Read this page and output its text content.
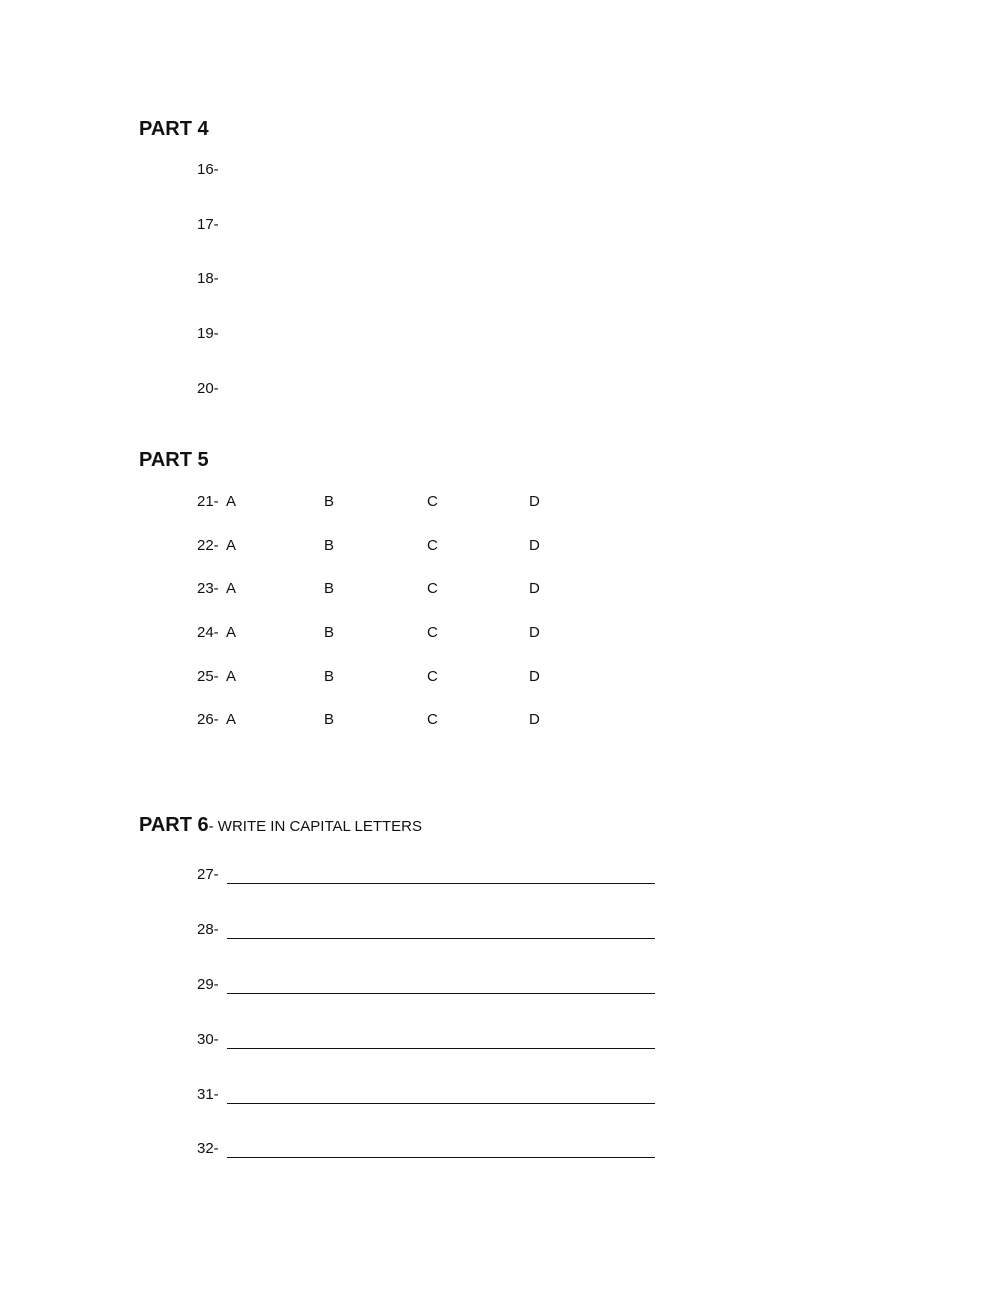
PART 4
16-
17-
18-
19-
20-
PART 5
21- A	B	C	D
22- A	B	C	D
23- A	B	C	D
24- A	B	C	D
25- A	B	C	D
26- A	B	C	D
PART 6- WRITE IN CAPITAL LETTERS
27-
28-
29-
30-
31-
32-
